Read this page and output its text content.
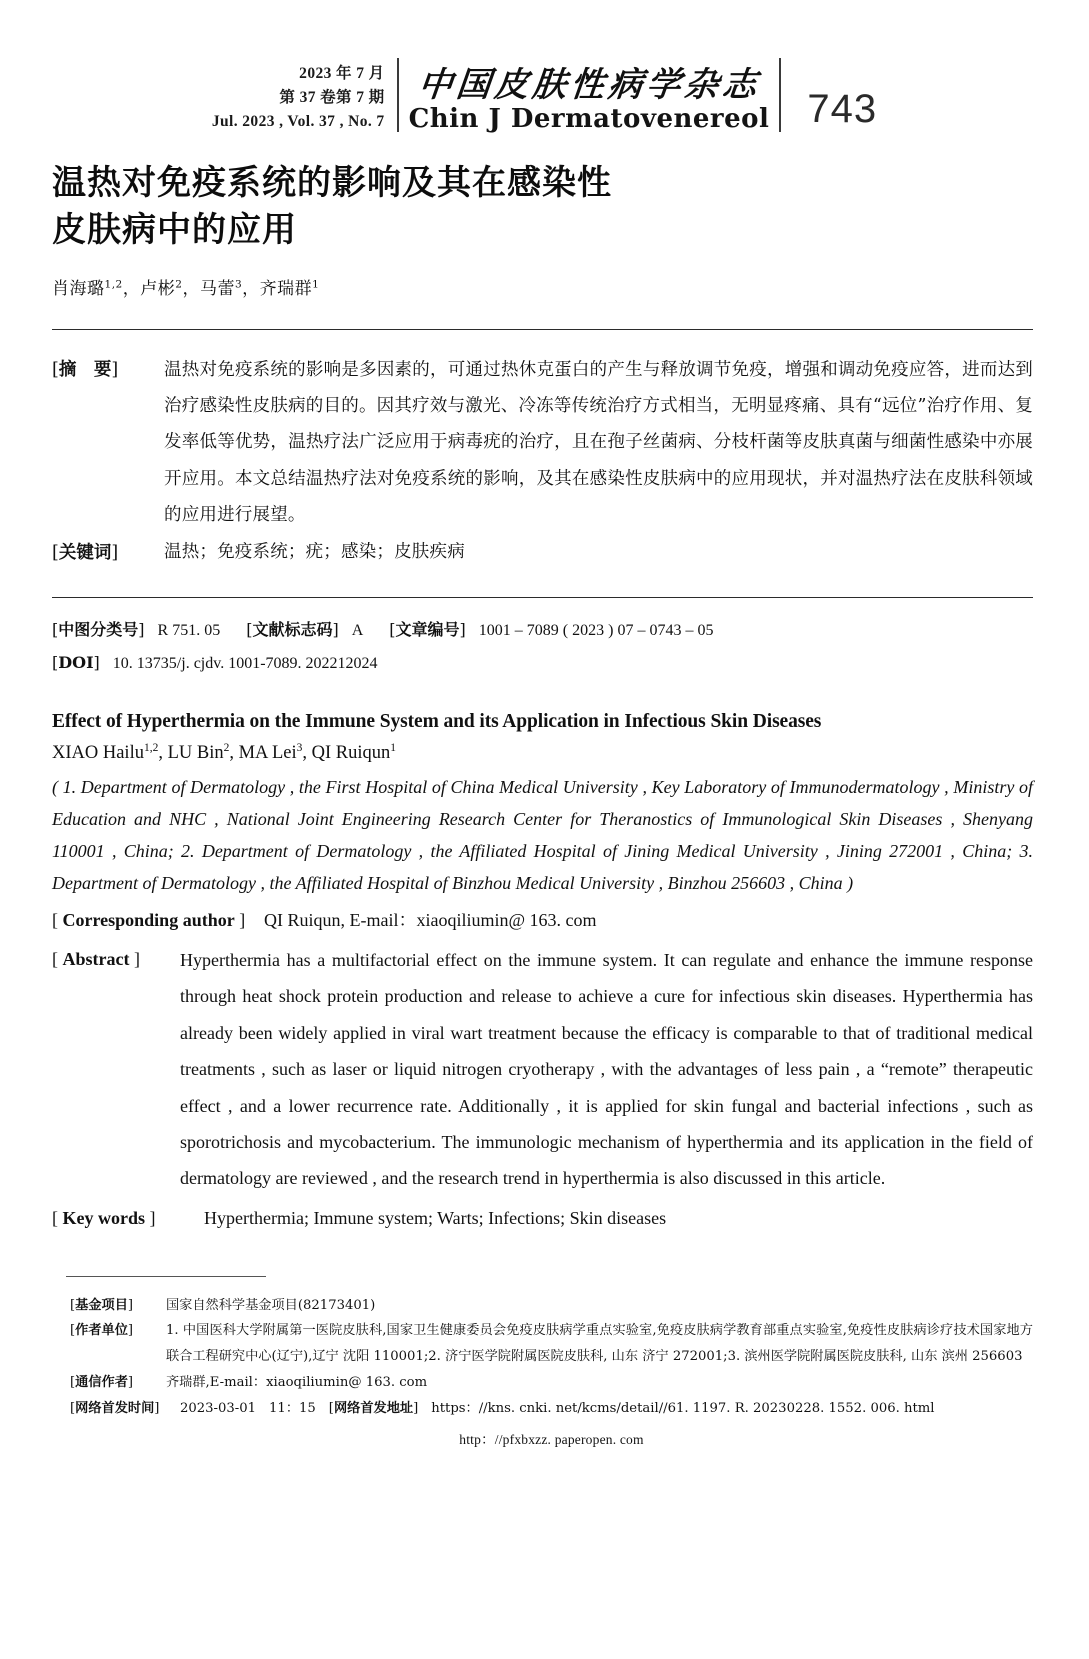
2023 年 7 月
第 37 卷第 7 期
Jul. 2023 , Vol. 37 , No. 7
中国皮肤性病学杂志
Chin J Dermatovenereol 743
温热对免疫系统的影响及其在感染性
皮肤病中的应用
肖海璐$^{1,2}$，卢彬$^2$，马蕾$^3$，齐瑞群$^1$
[摘　要]	温热对免疫系统的影响是多因素的，可通过热休克蛋白的产生与释放调节免疫，增强和调动免疫应答，进而达到治疗感染性皮肤病的目的。因其疗效与激光、冷冻等传统治疗方式相当，无明显疼痛、具有“远位”治疗作用、复发率低等优势，温热疗法广泛应用于病毒疣的治疗，且在孢子丝菌病、分枝杆菌等皮肤真菌与细菌性感染中亦展开应用。本文总结温热疗法对免疫系统的影响，及其在感染性皮肤病中的应用现状，并对温热疗法在皮肤科领域的应用进行展望。
[关键词]	温热；免疫系统；疣；感染；皮肤疾病
[中图分类号] R 751. 05 [文献标志码] A [文章编号] 1001 – 7089 ( 2023 ) 07 – 0743 – 05
[DOI] 10. 13735/j. cjdv. 1001-7089. 202212024
Effect of Hyperthermia on the Immune System and its Application in Infectious Skin Diseases
XIAO Hailu$^{1,2}$, LU Bin$^2$, MA Lei$^3$, QI Ruiqun$^1$
( 1. Department of Dermatology , the First Hospital of China Medical University , Key Laboratory of Immunodermatology , Ministry of Education and NHC , National Joint Engineering Research Center for Theranostics of Immunological Skin Diseases , Shenyang 110001 , China; 2. Department of Dermatology , the Affiliated Hospital of Jining Medical University , Jining 272001 , China; 3. Department of Dermatology , the Affiliated Hospital of Binzhou Medical University , Binzhou 256603 , China )
[ Corresponding author ]	QI Ruiqun, E-mail：xiaoqiliumin@ 163. com
[ Abstract ]	Hyperthermia has a multifactorial effect on the immune system. It can regulate and enhance the immune response through heat shock protein production and release to achieve a cure for infectious skin diseases. Hyperthermia has already been widely applied in viral wart treatment because the efficacy is comparable to that of traditional medical treatments , such as laser or liquid nitrogen cryotherapy , with the advantages of less pain , a “remote” therapeutic effect , and a lower recurrence rate. Additionally , it is applied for skin fungal and bacterial infections , such as sporotrichosis and mycobacterium. The immunologic mechanism of hyperthermia and its application in the field of dermatology are reviewed , and the research trend in hyperthermia is also discussed in this article.
[ Key words ]	Hyperthermia; Immune system; Warts; Infections; Skin diseases
[基金项目]	国家自然科学基金项目(82173401)
[作者单位]	1. 中国医科大学附属第一医院皮肤科,国家卫生健康委员会免疫皮肤病学重点实验室,免疫皮肤病学教育部重点实验室,免疫性皮肤病诊疗技术国家地方联合工程研究中心(辽宁),辽宁 沈阳 110001;2. 济宁医学院附属医院皮肤科, 山东 济宁 272001;3. 滨州医学院附属医院皮肤科, 山东 滨州 256603
[通信作者]	齐瑞群,E-mail：xiaoqiliumin@ 163. com
[网络首发时间]	2023-03-01 11：15 [网络首发地址] https：//kns. cnki. net/kcms/detail//61. 1197. R. 20230228. 1552. 006. html
http：//pfxbxzz. paperopen. com
